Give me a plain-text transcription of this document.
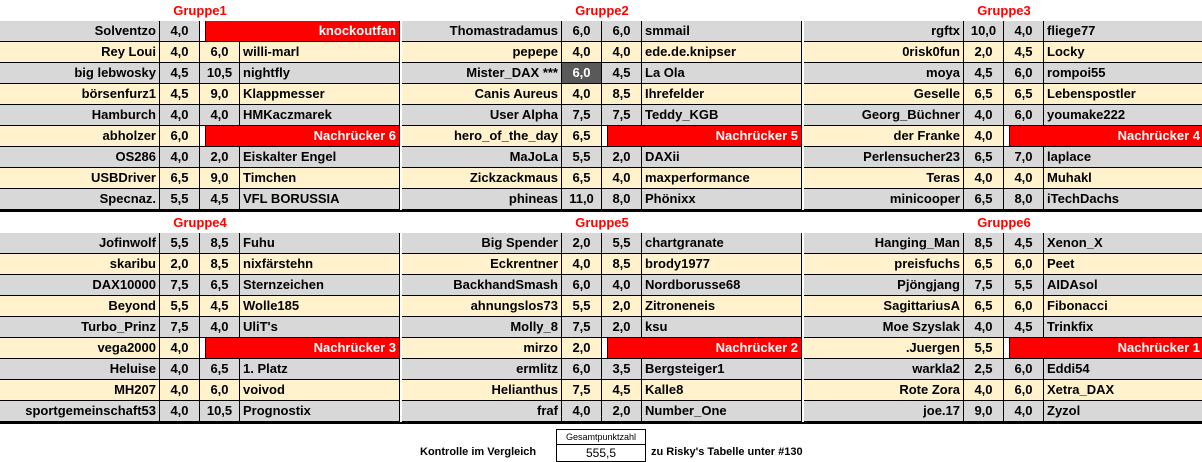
Gruppe1
Solventzo	4,0	knockoutfan
Rey Loui	4,0	6,0	willi-marl
big lebwosky	4,5	10,5 nightfly
börsenfurz1	4,5	9,0	Klappmesser
Hamburch	4,0	4,0	HMKaczmarek
abholzer	6,0	Nachrücker 6
OS286	4,0	2,0	Eiskalter Engel
USBDriver	6,5	9,0	Timchen
Specnaz.	5,5	4,5	VFL BORUSSIA
Gruppe2
Thomastradamus	6,0	6,0	smmail
pepepe	4,0	4,0	ede.de.knipser
Mister_DAX ***	6,0	4,5	La Ola
Canis Aureus	4,0	8,5	Ihrefelder
User Alpha	7,5	7,5	Teddy_KGB
hero_of_the_day	6,5	Nachrücker 5
MaJoLa	5,5	2,0	DAXii
Zickzackmaus	6,5	4,0	maxperformance
phineas 11,0	8,0	Phönixx
Gruppe3
rgftx 10,0	4,0	fliege77
0risk0fun	2,0	4,5	Locky
moya	4,5	6,0	rompoi55
Geselle	6,5	6,5	Lebenspostler
Georg_Büchner	4,0	6,0	youmake222
der Franke	4,0	Nachrücker 4
Perlensucher23	6,5	7,0	laplace
Teras	4,0	4,0	Muhakl
minicooper	6,5	8,0	iTechDachs
Gruppe4
Jofinwolf	5,5	8,5	Fuhu
skaribu	2,0	8,5	nixfärstehn
DAX10000	7,5	6,5	Sternzeichen
Beyond	5,5	4,5	Wolle185
Turbo_Prinz	7,5	4,0	UliT's
vega2000	4,0	Nachrücker 3
Heluise	4,0	6,5	1. Platz
MH207	4,0	6,0	voivod
sportgemeinschaft53	4,0	10,5 Prognostix
Gruppe5
Big Spender	2,0	5,5	chartgranate
Eckrentner	4,0	8,5	brody1977
BackhandSmash	6,0	4,0	Nordborusse68
ahnungslos73	5,5	2,0	Zitroneneis
Molly_8	7,5	2,0	ksu
mirzo	2,0	Nachrücker 2
ermlitz	6,0	3,5	Bergsteiger1
Helianthus	7,5	4,5	Kalle8
fraf	4,0	2,0	Number_One
Gruppe6
Hanging_Man	8,5	4,5	Xenon_X
preisfuchs	6,5	6,0	Peet
Pjöngjang	7,5	5,5	AIDAsol
SagittariusA	6,5	6,0	Fibonacci
Moe Szyslak	4,0	4,5	Trinkfix
.Juergen	5,5	Nachrücker 1
warkla2	2,5	6,0	Eddi54
Rote Zora	4,0	6,0	Xetra_DAX
joe.17	9,0	4,0	Zyzol
Kontrolle im Vergleich
Gesamtpunktzahl
555,5	zu Risky's Tabelle unter #130
